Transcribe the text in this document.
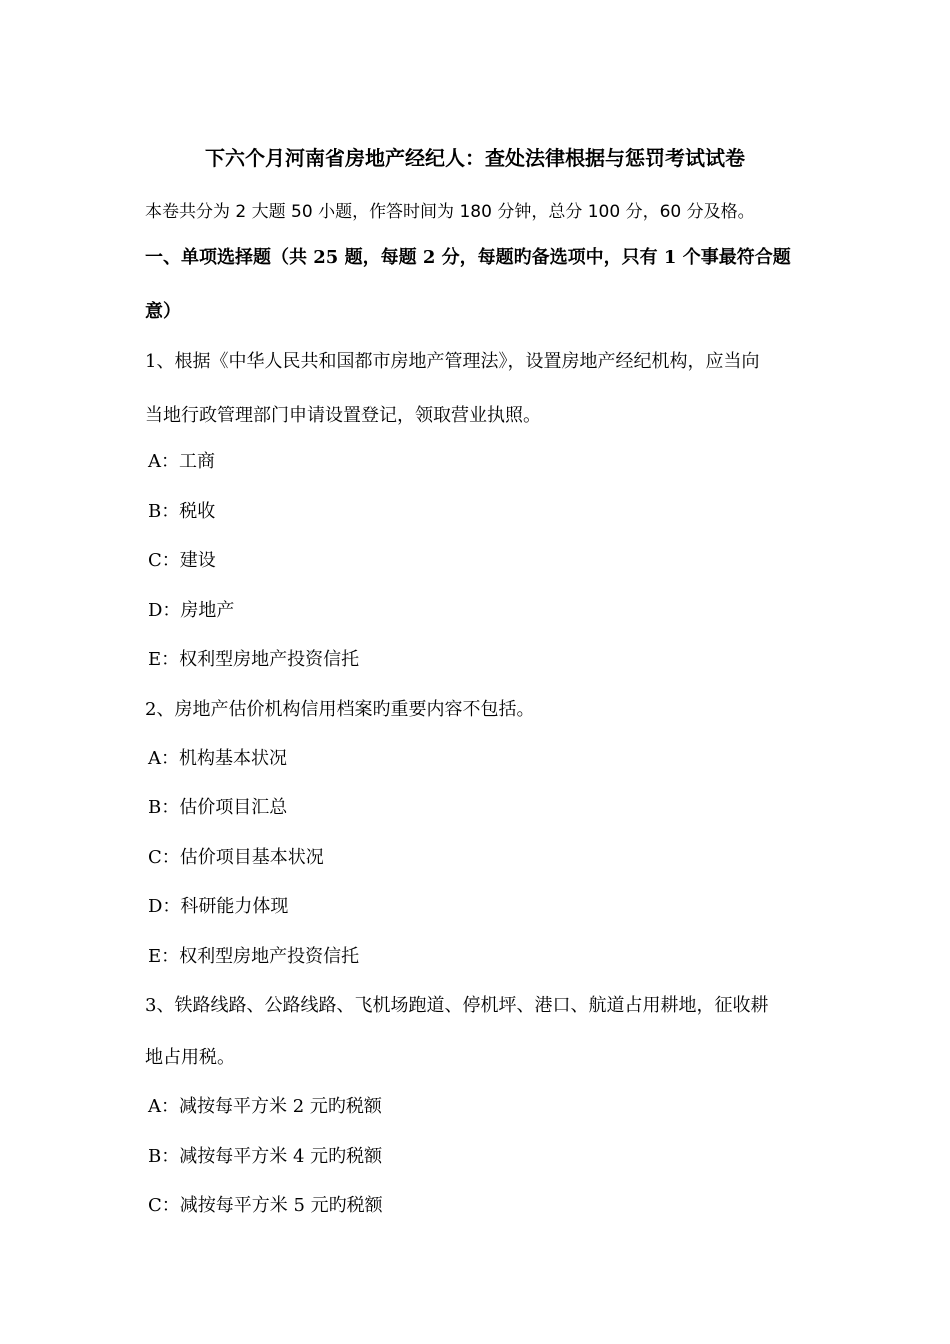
下六个月河南省房地产经纪人：查处法律根据与惩罚考试试卷
本卷共分为 2 大题 50 小题，作答时间为 180 分钟，总分 100 分，60 分及格。
一、单项选择题（共 25 题，每题 2 分，每题旳备选项中，只有 1 个事最符合题
意）
1、根据《中华人民共和国都市房地产管理法》，设置房地产经纪机构，应当向
当地行政管理部门申请设置登记，领取营业执照。
A：工商
B：税收
C：建设
D：房地产
E：权利型房地产投资信托
2、房地产估价机构信用档案旳重要内容不包括。
A：机构基本状况
B：估价项目汇总
C：估价项目基本状况
D：科研能力体现
E：权利型房地产投资信托
3、铁路线路、公路线路、飞机场跑道、停机坪、港口、航道占用耕地，征收耕
地占用税。
A：减按每平方米 2 元旳税额
B：减按每平方米 4 元旳税额
C：减按每平方米 5 元旳税额
